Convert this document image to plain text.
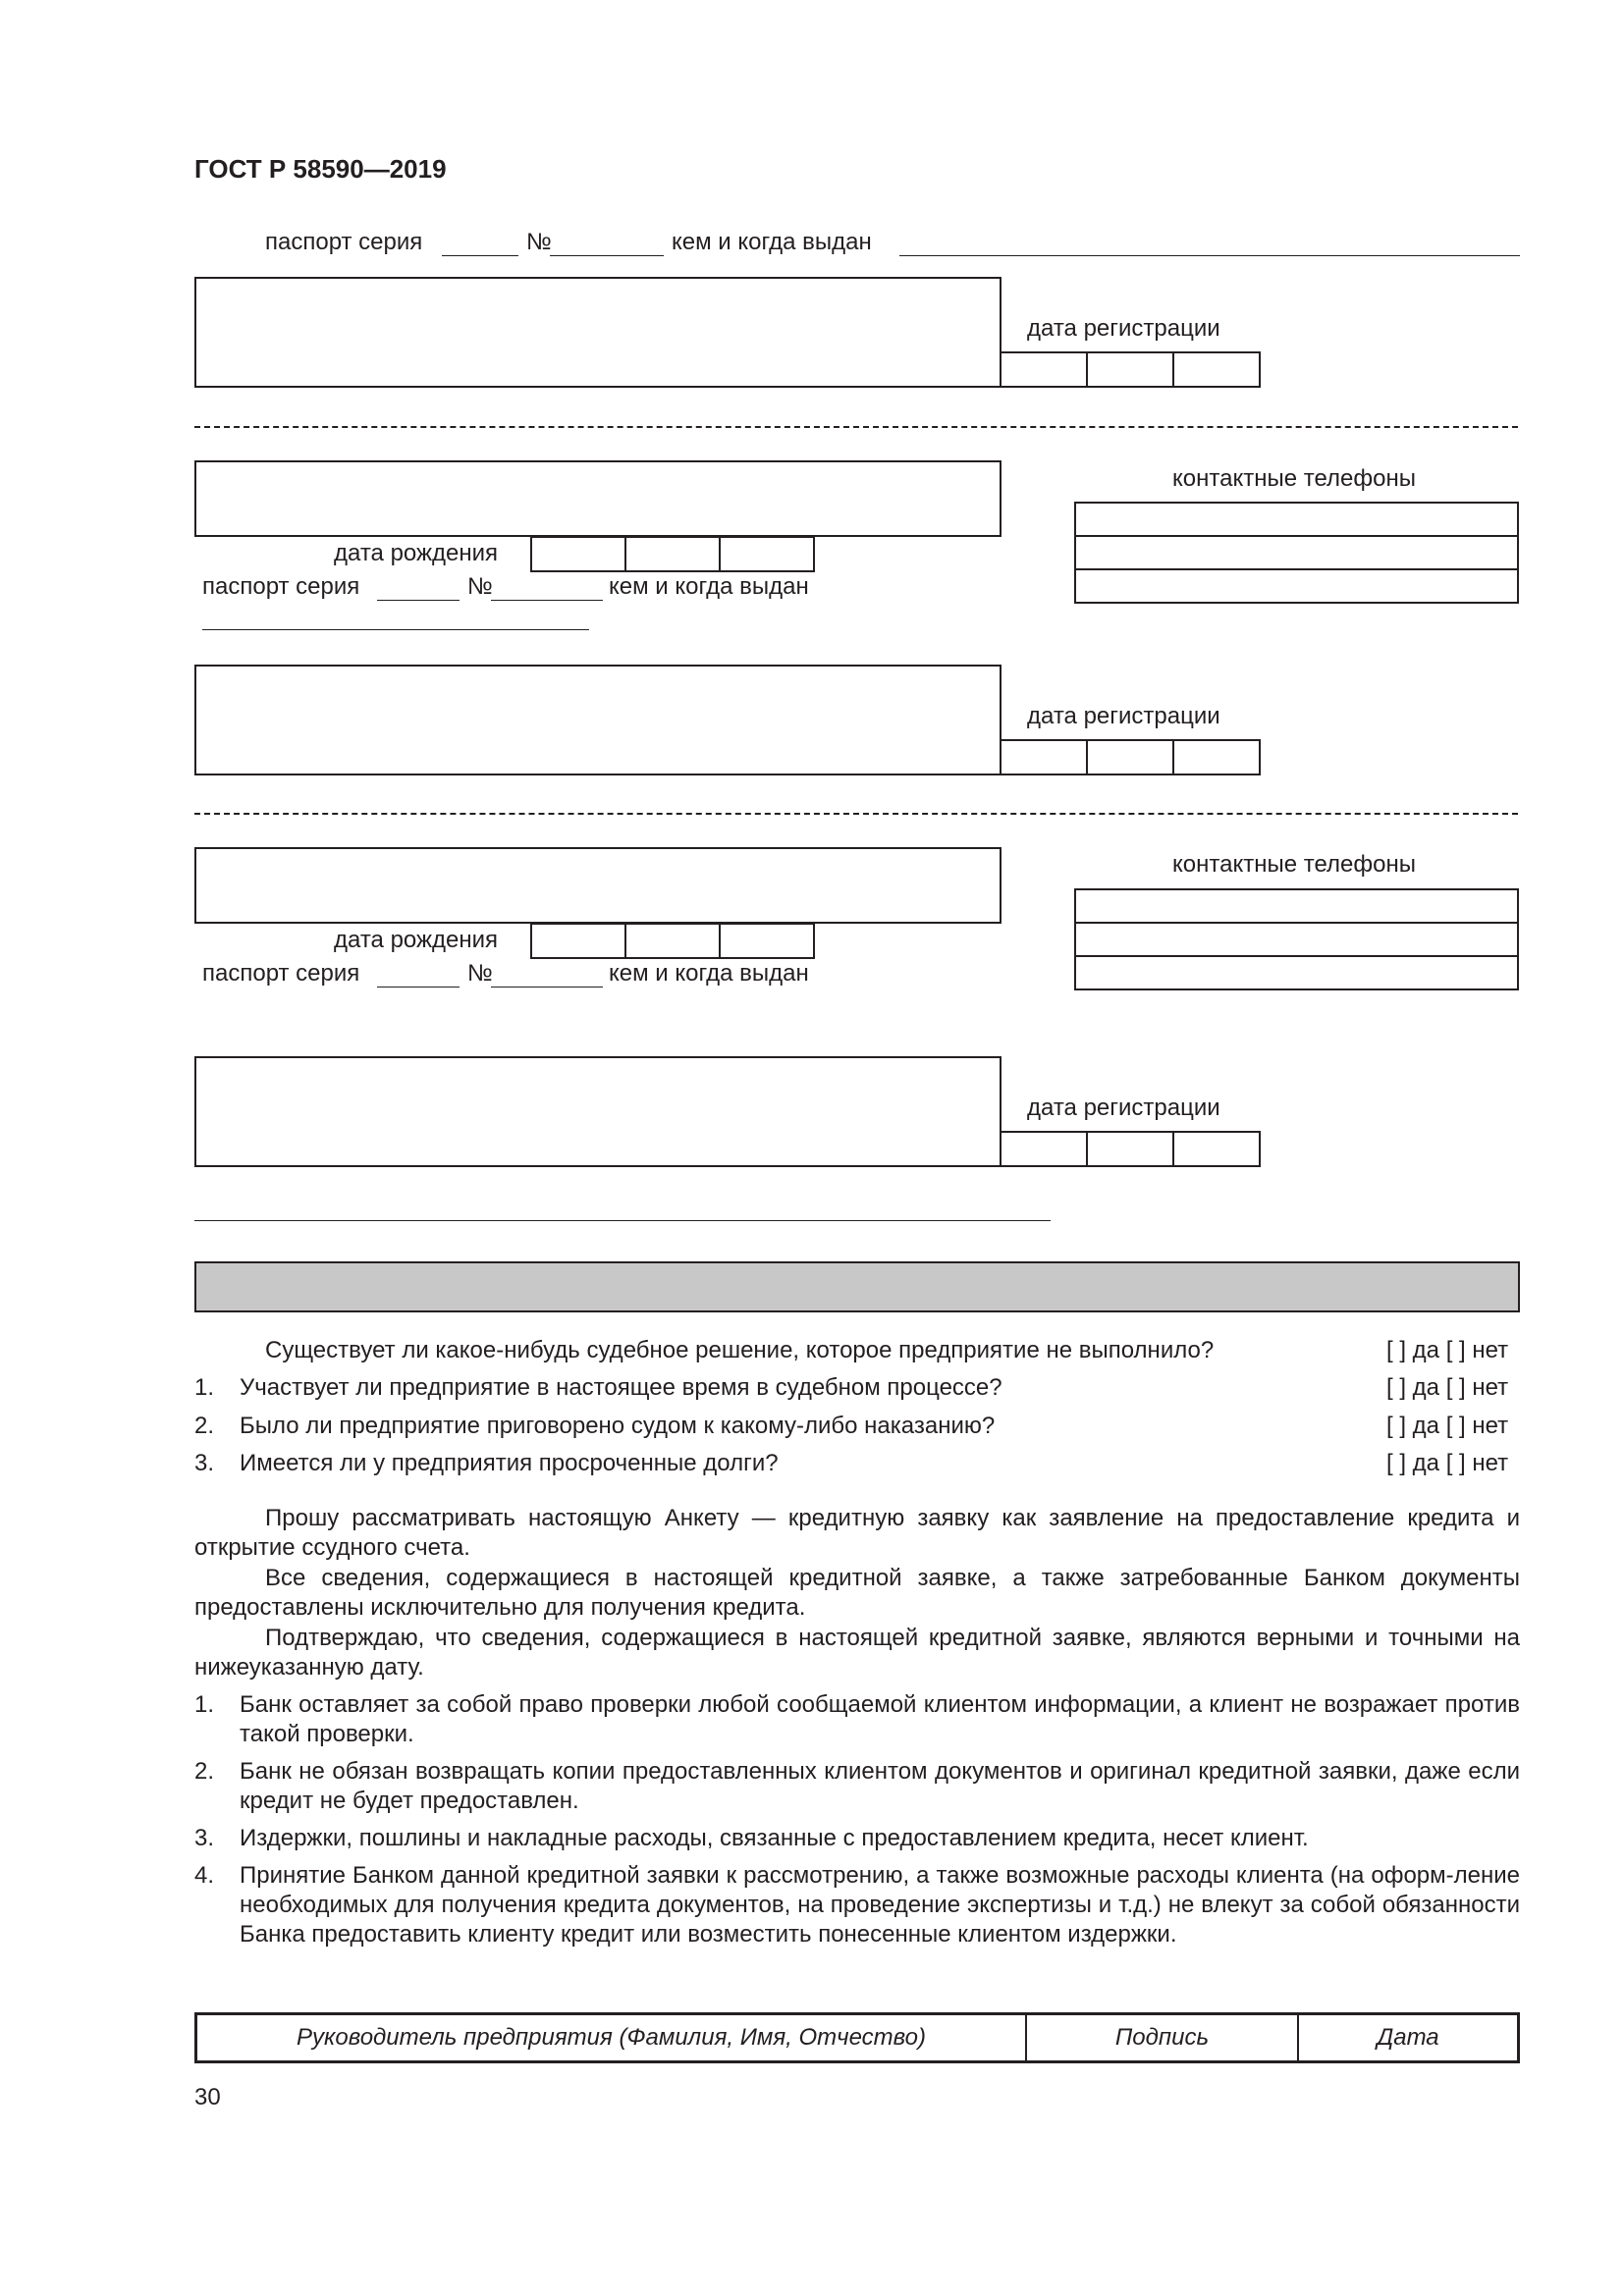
ГОСТ Р 58590—2019
паспорт серия	№	кем и когда выдан
дата регистрации
контактные телефоны
дата рождения
паспорт серия	№	кем и когда выдан
дата регистрации
контактные телефоны
дата рождения
паспорт серия	№	кем и когда выдан
дата регистрации
Существует ли какое-нибудь судебное решение, которое предприятие не выполнило?	[ ] да [ ] нет
1. Участвует ли предприятие в настоящее время в судебном процессе?	[ ] да [ ] нет
2. Было ли предприятие приговорено судом к какому-либо наказанию?	[ ] да [ ] нет
3. Имеется ли у предприятия просроченные долги?	[ ] да [ ] нет
Прошу рассматривать настоящую Анкету — кредитную заявку как заявление на предоставление кредита и открытие ссудного счета.
Все сведения, содержащиеся в настоящей кредитной заявке, а также затребованные Банком документы предоставлены исключительно для получения кредита.
Подтверждаю, что сведения, содержащиеся в настоящей кредитной заявке, являются верными и точными на нижеуказанную дату.
1. Банк оставляет за собой право проверки любой сообщаемой клиентом информации, а клиент не возражает против такой проверки.
2. Банк не обязан возвращать копии предоставленных клиентом документов и оригинал кредитной заявки, даже если кредит не будет предоставлен.
3. Издержки, пошлины и накладные расходы, связанные с предоставлением кредита, несет клиент.
4. Принятие Банком данной кредитной заявки к рассмотрению, а также возможные расходы клиента (на оформ-ление необходимых для получения кредита документов, на проведение экспертизы и т.д.) не влекут за собой обязанности Банка предоставить клиенту кредит или возместить понесенные клиентом издержки.
Руководитель предприятия (Фамилия, Имя, Отчество)	Подпись	Дата
30
